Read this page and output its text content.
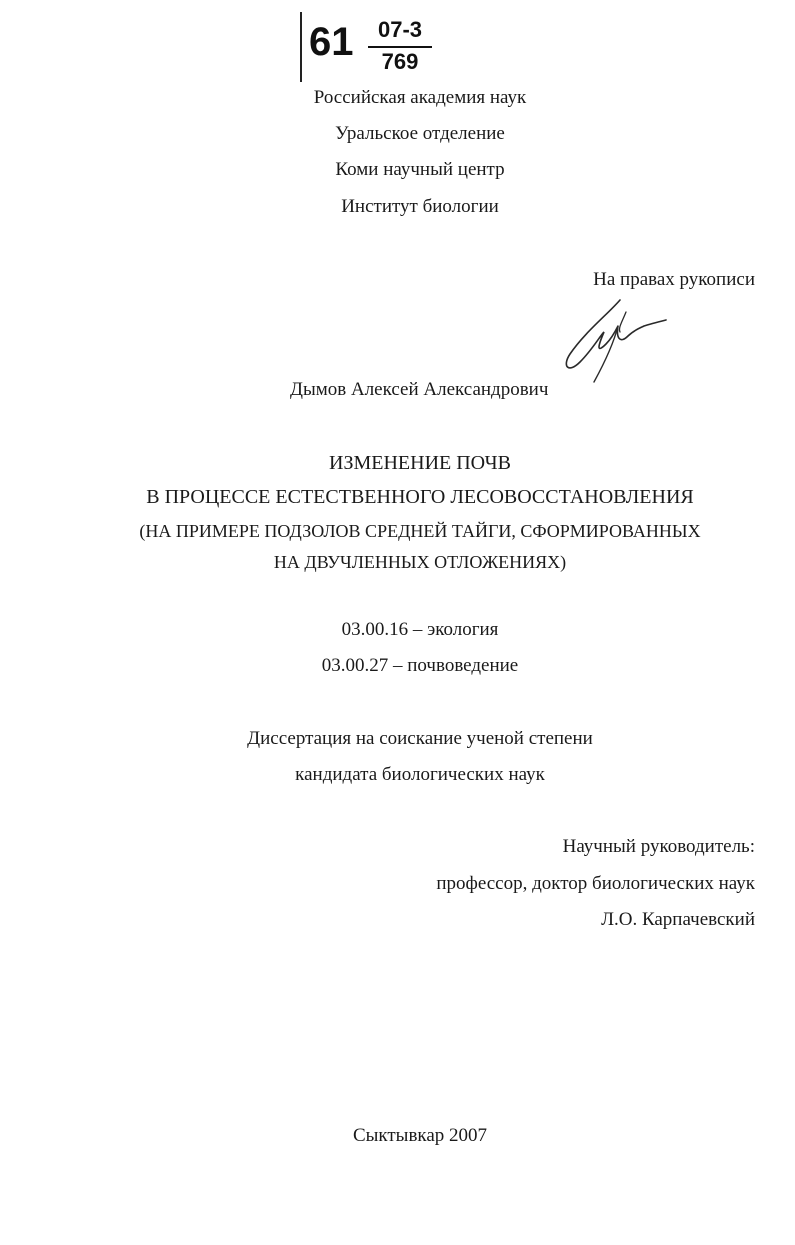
61 07-3
769
Российская академия наук
Уральское отделение
Коми научный центр
Институт биологии
На правах рукописи
Дымов Алексей Александрович
ИЗМЕНЕНИЕ ПОЧВ
В ПРОЦЕССЕ ЕСТЕСТВЕННОГО ЛЕСОВОССТАНОВЛЕНИЯ
(НА ПРИМЕРЕ ПОДЗОЛОВ СРЕДНЕЙ ТАЙГИ, СФОРМИРОВАННЫХ
НА ДВУЧЛЕННЫХ ОТЛОЖЕНИЯХ)
03.00.16 – экология
03.00.27 – почвоведение
Диссертация на соискание ученой степени
кандидата биологических наук
Научный руководитель:
профессор, доктор биологических наук
Л.О. Карпачевский
Сыктывкар 2007
